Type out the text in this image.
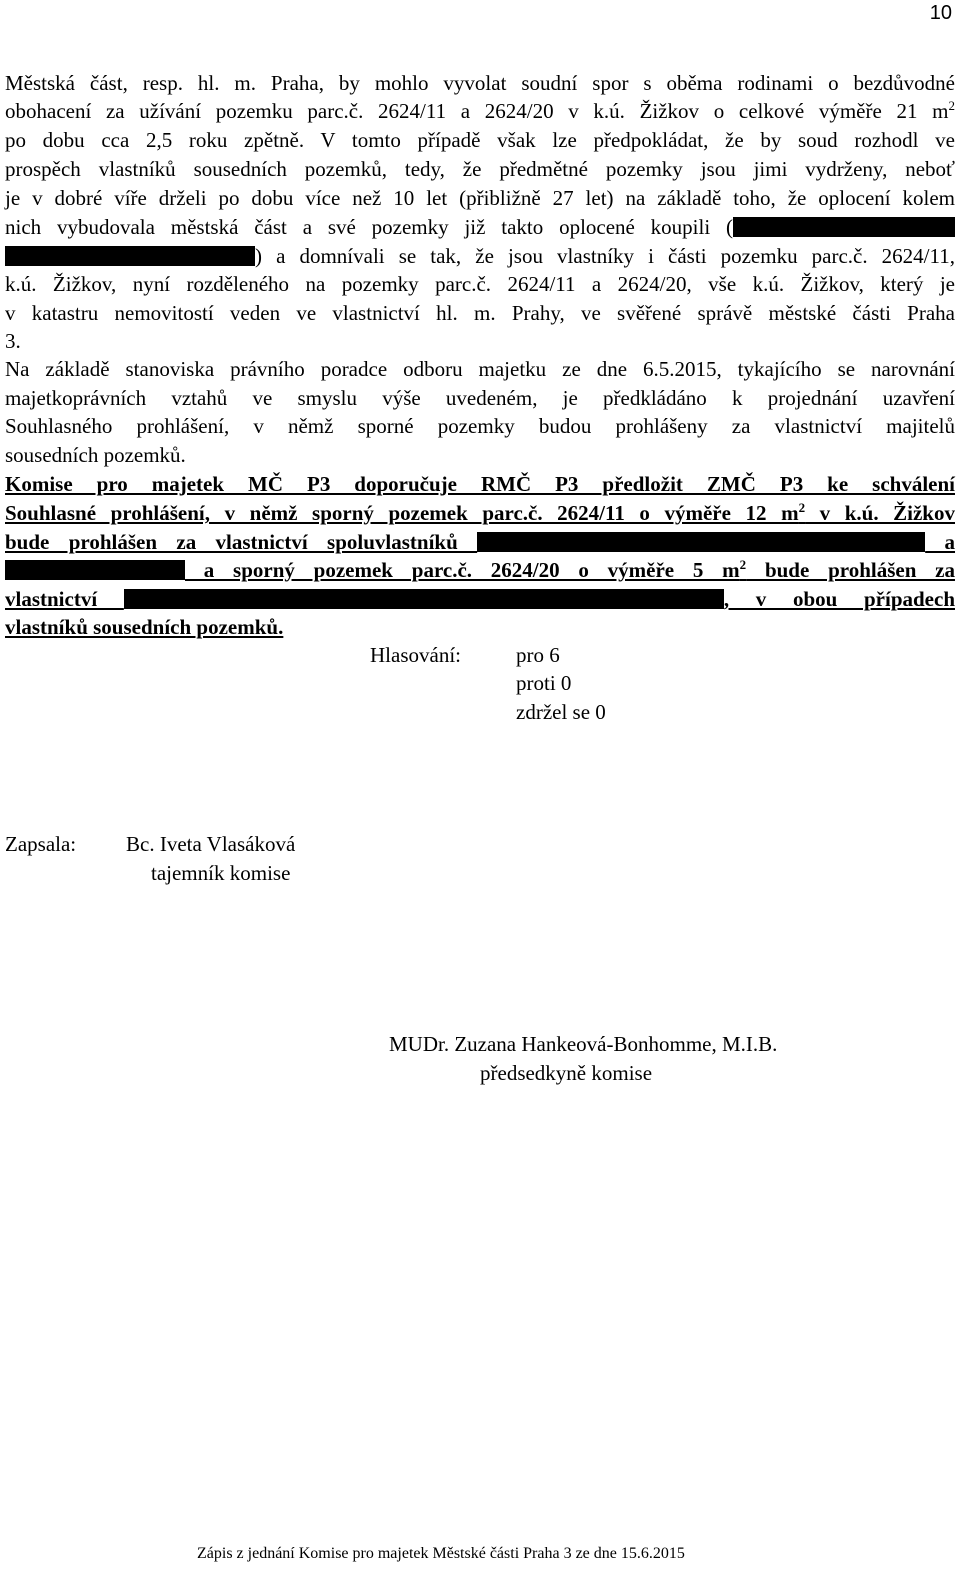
10
Městská část, resp. hl. m. Praha, by mohlo vyvolat soudní spor s oběma rodinami o bezdůvodné
obohacení za užívání pozemku parc.č. 2624/11 a 2624/20 v k.ú. Žižkov o celkové výměře 21 $m^2$
po dobu cca 2,5 roku zpětně. V tomto případě však lze předpokládat, že by soud rozhodl ve
prospěch vlastníků sousedních pozemků, tedy, že předmětné pozemky jsou jimi vydrženy, neboť
je v dobré víře drželi po dobu více než 10 let (přibližně 27 let) na základě toho, že oplocení kolem
nich vybudovala městská část a své pozemky již takto oplocené koupili (
) a domnívali se tak, že jsou vlastníky i části pozemku parc.č. 2624/11,
k.ú. Žižkov, nyní rozděleného na pozemky parc.č. 2624/11 a 2624/20, vše k.ú. Žižkov, který je
v katastru nemovitostí veden ve vlastnictví hl. m. Prahy, ve svěřené správě městské části Praha
3.
Na základě stanoviska právního poradce odboru majetku ze dne 6.5.2015, tykajícího se narovnání
majetkoprávních vztahů ve smyslu výše uvedeném, je předkládáno k projednání uzavření
Souhlasného prohlášení, v němž sporné pozemky budou prohlášeny za vlastnictví majitelů
sousedních pozemků.
Komise pro majetek MČ P3 doporučuje RMČ P3 předložit ZMČ P3 ke schválení
Souhlasné prohlášení, v němž sporný pozemek parc.č. 2624/11 o výměře 12 $m^2$ v k.ú. Žižkov
bude prohlášen za vlastnictví spoluvlastníků	a
a sporný pozemek parc.č. 2624/20 o výměře 5 $m^2$ bude prohlášen za
vlastnictví	, v obou případech
vlastníků sousedních pozemků.
Hlasování:	pro 6
proti 0
zdržel se 0
Zapsala: Bc. Iveta Vlasáková
tajemník komise
MUDr. Zuzana Hankeová-Bonhomme, M.I.B.
předsedkyně komise
Zápis z jednání Komise pro majetek Městské části Praha 3 ze dne 15.6.2015
